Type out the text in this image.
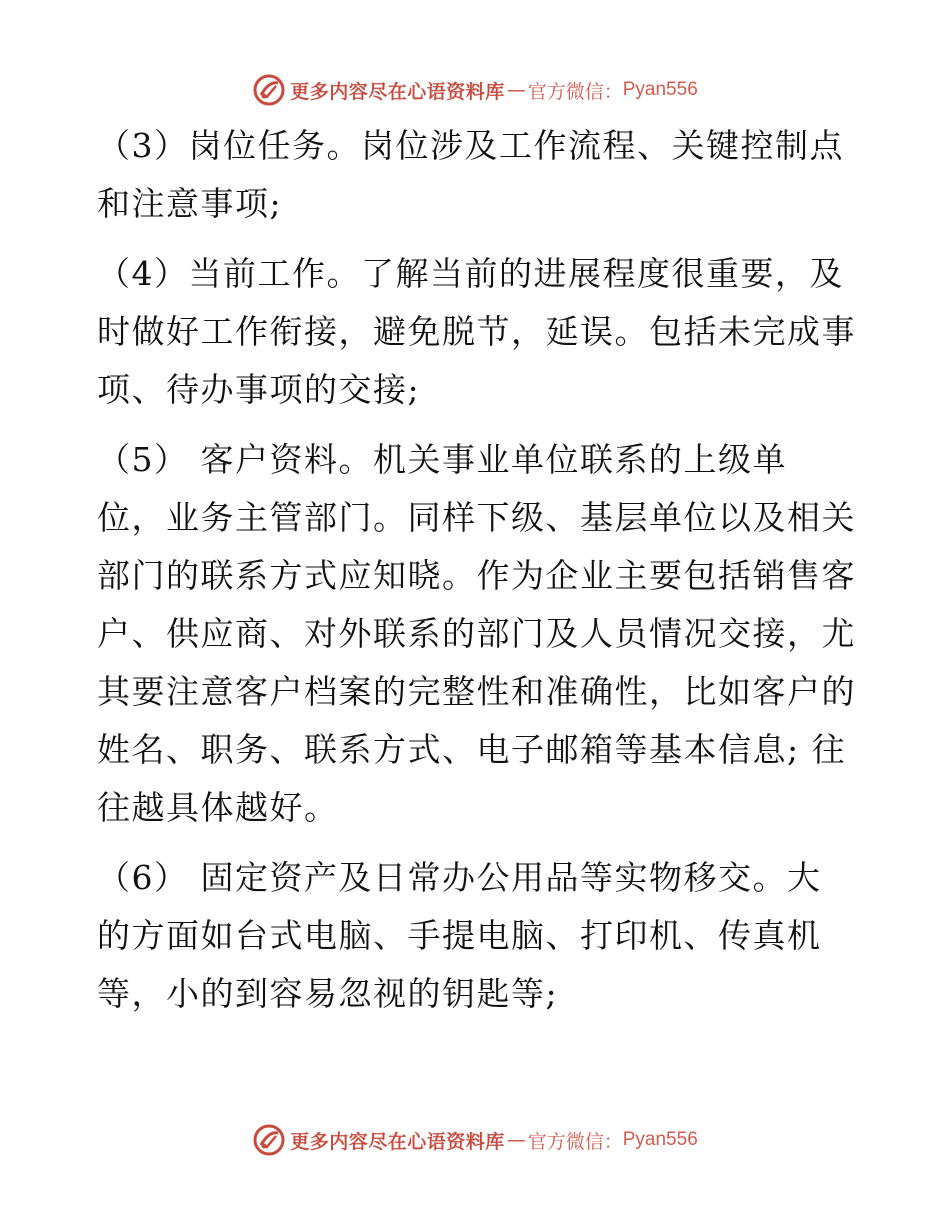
更多内容尽在心语资料库 — 官方微信： Pyan556

（3）岗位任务。岗位涉及工作流程、关键控制点
和注意事项;

（4）当前工作。了解当前的进展程度很重要，及
时做好工作衔接，避免脱节，延误。包括未完成事
项、待办事项的交接;

（5） 客户资料。机关事业单位联系的上级单
位，业务主管部门。同样下级、基层单位以及相关
部门的联系方式应知晓。作为企业主要包括销售客
户、供应商、对外联系的部门及人员情况交接，尤
其要注意客户档案的完整性和准确性，比如客户的
姓名、职务、联系方式、电子邮箱等基本信息; 往
往越具体越好。

（6） 固定资产及日常办公用品等实物移交。大
的方面如台式电脑、手提电脑、打印机、传真机
等，小的到容易忽视的钥匙等;

更多内容尽在心语资料库 — 官方微信： Pyan556
